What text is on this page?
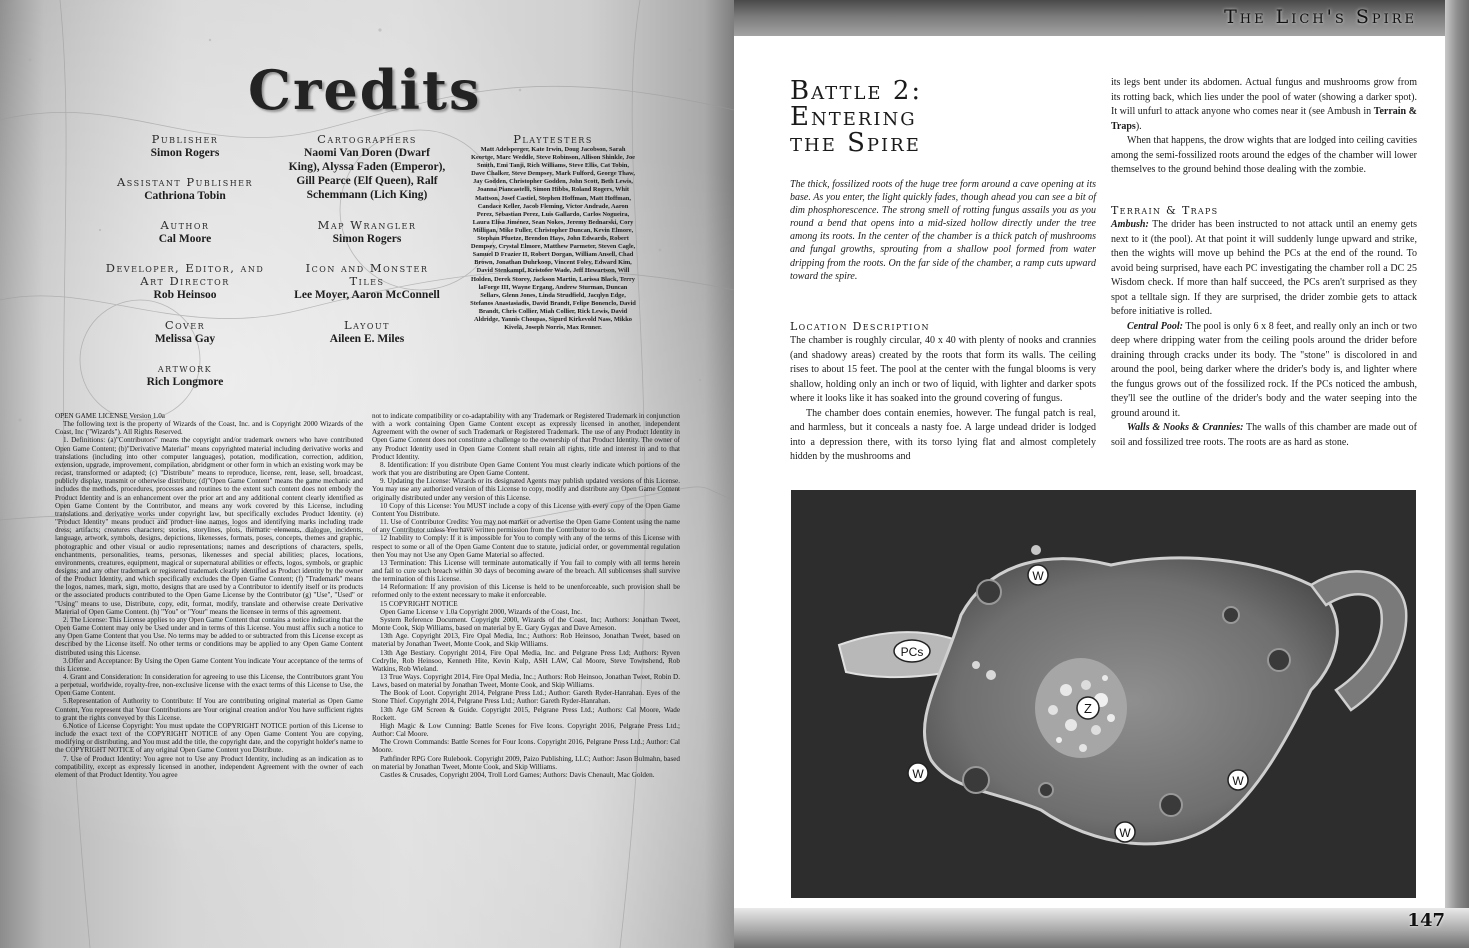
Credits
Publisher
Simon Rogers
Assistant Publisher
Cathriona Tobin
Author
Cal Moore
Developer, Editor, and
Art Director
Rob Heinsoo
Cover
Melissa Gay
artwork
Rich Longmore
Cartographers
Naomi Van Doren (Dwarf
King), Alyssa Faden (Emperor),
Gill Pearce (Elf Queen), Ralf
Schemmann (Lich King)
Map Wrangler
Simon Rogers
Icon and Monster
Tiles
Lee Moyer, Aaron McConnell
Layout
Aileen E. Miles
Playtesters
Matt Adelsperger, Kate Irwin, Doug Jacobson, Sarah Keortge, Marc Weddle, Steve Robinson, Allison Shinkle, Joe Smith, Emi Tanji, Rich Williams, Steve Ellis, Cat Tobin, Dave Chalker, Steve Dempsey, Mark Fulford, George Thaw, Jay Godden, Christopher Godden, John Scott, Beth Lewis, Joanna Piancastelli, Simon Hibbs, Roland Rogers, Whit Mattson, Josef Castiel, Stephen Hoffman, Matt Hoffman, Candace Keller, Jacob Fleming, Victor Andrade, Aaron Perez, Sebastian Perez, Luis Gallardo, Carlos Nogueira, Laura Elisa Jiménez, Sean Nokes, Jeremy Bednarski, Cory Milligan, Mike Fuller, Christopher Duncan, Kevin Elmore, Stephan Pfuetze, Brendon Hays, John Edwards, Robert Dempsey, Crystal Elmore, Matthew Parmeter, Steven Cagle, Samuel D Frazier II, Robert Dorgan, William Ansell, Chad Brown, Jonathan Duhrkoop, Vincent Foley, Edward Kim, David Stenkampf, Kristofer Wade, Jeff Hewartson, Will Holden, Derek Storey, Jackson Martin, Larissa Black, Terry laForge III, Wayne Ergang, Andrew Sturman, Duncan Sellars, Glenn Jones, Linda Strudfield, Jacqlyn Edge, Stefanos Anastasiadis, David Brandt, Felipe Bonenclo, David Brandt, Chris Collier, Miah Collier, Rick Lewis, David Aldridge, Yannis Choupas, Sigurd Kirkevold Nass, Mikko Kivelä, Joseph Norris, Max Renner.

OPEN GAME LICENSE Version 1.0a

The following text is the property of Wizards of the Coast, Inc. and is Copyright 2000 Wizards of the Coast, Inc ("Wizards"). All Rights Reserved.

1. Definitions: (a)"Contributors" means the copyright and/or trademark owners who have contributed Open Game Content; (b)"Derivative Material" means copyrighted material including derivative works and translations (including into other computer languages), potation, modification, correction, addition, extension, upgrade, improvement, compilation, abridgment or other form in which an existing work may be recast, transformed or adapted; (c) "Distribute" means to reproduce, license, rent, lease, sell, broadcast, publicly display, transmit or otherwise distribute; (d)"Open Game Content" means the game mechanic and includes the methods, procedures, processes and routines to the extent such content does not embody the Product Identity and is an enhancement over the prior art and any additional content clearly identified as Open Game Content by the Contributor, and means any work covered by this License, including translations and derivative works under copyright law, but specifically excludes Product Identity. (e) "Product Identity" means product and product line names, logos and identifying marks including trade dress; artifacts; creatures characters; stories, storylines, plots, thematic elements, dialogue, incidents, language, artwork, symbols, designs, depictions, likenesses, formats, poses, concepts, themes and graphic, photographic and other visual or audio representations; names and descriptions of characters, spells, enchantments, personalities, teams, personas, likenesses and special abilities; places, locations, environments, creatures, equipment, magical or supernatural abilities or effects, logos, symbols, or graphic designs; and any other trademark or registered trademark clearly identified as Product identity by the owner of the Product Identity, and which specifically excludes the Open Game Content; (f) "Trademark" means the logos, names, mark, sign, motto, designs that are used by a Contributor to identify itself or its products or the associated products contributed to the Open Game License by the Contributor (g) "Use", "Used" or "Using" means to use, Distribute, copy, edit, format, modify, translate and otherwise create Derivative Material of Open Game Content. (h) "You" or "Your" means the licensee in terms of this agreement.

2. The License: This License applies to any Open Game Content that contains a notice indicating that the Open Game Content may only be Used under and in terms of this License. You must affix such a notice to any Open Game Content that you Use. No terms may be added to or subtracted from this License except as described by the License itself. No other terms or conditions may be applied to any Open Game Content distributed using this License.

3.Offer and Acceptance: By Using the Open Game Content You indicate Your acceptance of the terms of this License.

4. Grant and Consideration: In consideration for agreeing to use this License, the Contributors grant You a perpetual, worldwide, royalty-free, non-exclusive license with the exact terms of this License to Use, the Open Game Content.

5.Representation of Authority to Contribute: If You are contributing original material as Open Game Content, You represent that Your Contributions are Your original creation and/or You have sufficient rights to grant the rights conveyed by this License.

6.Notice of License Copyright: You must update the COPYRIGHT NOTICE portion of this License to include the exact text of the COPYRIGHT NOTICE of any Open Game Content You are copying, modifying or distributing, and You must add the title, the copyright date, and the copyright holder's name to the COPYRIGHT NOTICE of any original Open Game Content you Distribute.

7. Use of Product Identity: You agree not to Use any Product Identity, including as an indication as to compatibility, except as expressly licensed in another, independent Agreement with the owner of each element of that Product Identity. You agree

not to indicate compatibility or co-adaptability with any Trademark or Registered Trademark in conjunction with a work containing Open Game Content except as expressly licensed in another, independent Agreement with the owner of such Trademark or Registered Trademark. The use of any Product Identity in Open Game Content does not constitute a challenge to the ownership of that Product Identity. The owner of any Product Identity used in Open Game Content shall retain all rights, title and interest in and to that Product Identity.

8. Identification: If you distribute Open Game Content You must clearly indicate which portions of the work that you are distributing are Open Game Content.

9. Updating the License: Wizards or its designated Agents may publish updated versions of this License. You may use any authorized version of this License to copy, modify and distribute any Open Game Content originally distributed under any version of this License.

10 Copy of this License: You MUST include a copy of this License with every copy of the Open Game Content You Distribute.

11. Use of Contributor Credits: You may not market or advertise the Open Game Content using the name of any Contributor unless You have written permission from the Contributor to do so.

12 Inability to Comply: If it is impossible for You to comply with any of the terms of this License with respect to some or all of the Open Game Content due to statute, judicial order, or governmental regulation then You may not Use any Open Game Material so affected.

13 Termination: This License will terminate automatically if You fail to comply with all terms herein and fail to cure such breach within 30 days of becoming aware of the breach. All sublicenses shall survive the termination of this License.

14 Reformation: If any provision of this License is held to be unenforceable, such provision shall be reformed only to the extent necessary to make it enforceable.

15 COPYRIGHT NOTICE

Open Game License v 1.0a Copyright 2000, Wizards of the Coast, Inc.

System Reference Document. Copyright 2000, Wizards of the Coast, Inc; Authors: Jonathan Tweet, Monte Cook, Skip Williams, based on material by E. Gary Gygax and Dave Arneson.

13th Age. Copyright 2013, Fire Opal Media, Inc.; Authors: Rob Heinsoo, Jonathan Tweet, based on material by Jonathan Tweet, Monte Cook, and Skip Williams.

13th Age Bestiary. Copyright 2014, Fire Opal Media, Inc. and Pelgrane Press Ltd; Authors: Ryven Cedrylle, Rob Heinsoo, Kenneth Hite, Kevin Kulp, ASH LAW, Cal Moore, Steve Townshend, Rob Watkins, Rob Wieland.

13 True Ways. Copyright 2014, Fire Opal Media, Inc.; Authors: Rob Heinsoo, Jonathan Tweet, Robin D. Laws, based on material by Jonathan Tweet, Monte Cook, and Skip Williams.

The Book of Loot. Copyright 2014, Pelgrane Press Ltd.; Author: Gareth Ryder-Hanrahan. Eyes of the Stone Thief. Copyright 2014, Pelgrane Press Ltd.; Author: Gareth Ryder-Hanrahan.

13th Age GM Screen & Guide. Copyright 2015, Pelgrane Press Ltd.; Authors: Cal Moore, Wade Rockett.

High Magic & Low Cunning: Battle Scenes for Five Icons. Copyright 2016, Pelgrane Press Ltd.; Author: Cal Moore.

The Crown Commands: Battle Scenes for Four Icons. Copyright 2016, Pelgrane Press Ltd.; Author: Cal Moore.

Pathfinder RPG Core Rulebook. Copyright 2009, Paizo Publishing, LLC; Author: Jason Bulmahn, based on material by Jonathan Tweet, Monte Cook, and Skip Williams.

Castles & Crusades, Copyright 2004, Troll Lord Games; Authors: Davis Chenault, Mac Golden.

The Lich's Spire
147
Battle 2:
Entering
the Spire
The thick, fossilized roots of the huge tree form around a cave opening at its base. As you enter, the light quickly fades, though ahead you can see a bit of dim phosphorescence. The strong smell of rotting fungus assails you as you round a bend that opens into a mid-sized hollow directly under the tree among its roots. In the center of the chamber is a thick patch of mushrooms and fungal growths, sprouting from a shallow pool formed from water dripping from the roots. On the far side of the chamber, a ramp cuts upward toward the spire.
Location Description

The chamber is roughly circular, 40 x 40 with plenty of nooks and crannies (and shadowy areas) created by the roots that form its walls. The ceiling rises to about 15 feet. The pool at the center with the fungal blooms is very shallow, holding only an inch or two of liquid, with lighter and darker spots where it looks like it has soaked into the ground covering of fungus.

The chamber does contain enemies, however. The fungal patch is real, and harmless, but it conceals a nasty foe. A large undead drider is lodged into a depression there, with its torso lying flat and almost completely hidden by the mushrooms and

its legs bent under its abdomen. Actual fungus and mushrooms grow from its rotting back, which lies under the pool of water (showing a darker spot). It will unfurl to attack anyone who comes near it (see Ambush in Terrain & Traps).

When that happens, the drow wights that are lodged into ceiling cavities among the semi-fossilized roots around the edges of the chamber will lower themselves to the ground behind those dealing with the zombie.

Terrain & Traps

Ambush: The drider has been instructed to not attack until an enemy gets next to it (the pool). At that point it will suddenly lunge upward and strike, then the wights will move up behind the PCs at the end of the round. To avoid being surprised, have each PC investigating the chamber roll a DC 25 Wisdom check. If more than half succeed, the PCs aren't surprised as they spot a telltale sign. If they are surprised, the drider zombie gets to attack before initiative is rolled.

Central Pool: The pool is only 6 x 8 feet, and really only an inch or two deep where dripping water from the ceiling pools around the drider before draining through cracks under its body. The "stone" is discolored in and around the pool, being darker where the drider's body is, and lighter where the fungus grows out of the fossilized rock. If the PCs noticed the ambush, they'll see the outline of the drider's body and the water seeping into the ground around it.

Walls & Nooks & Crannies: The walls of this chamber are made out of soil and fossilized tree roots. The roots are as hard as stone.

PCs
Z
W
W	W
W
